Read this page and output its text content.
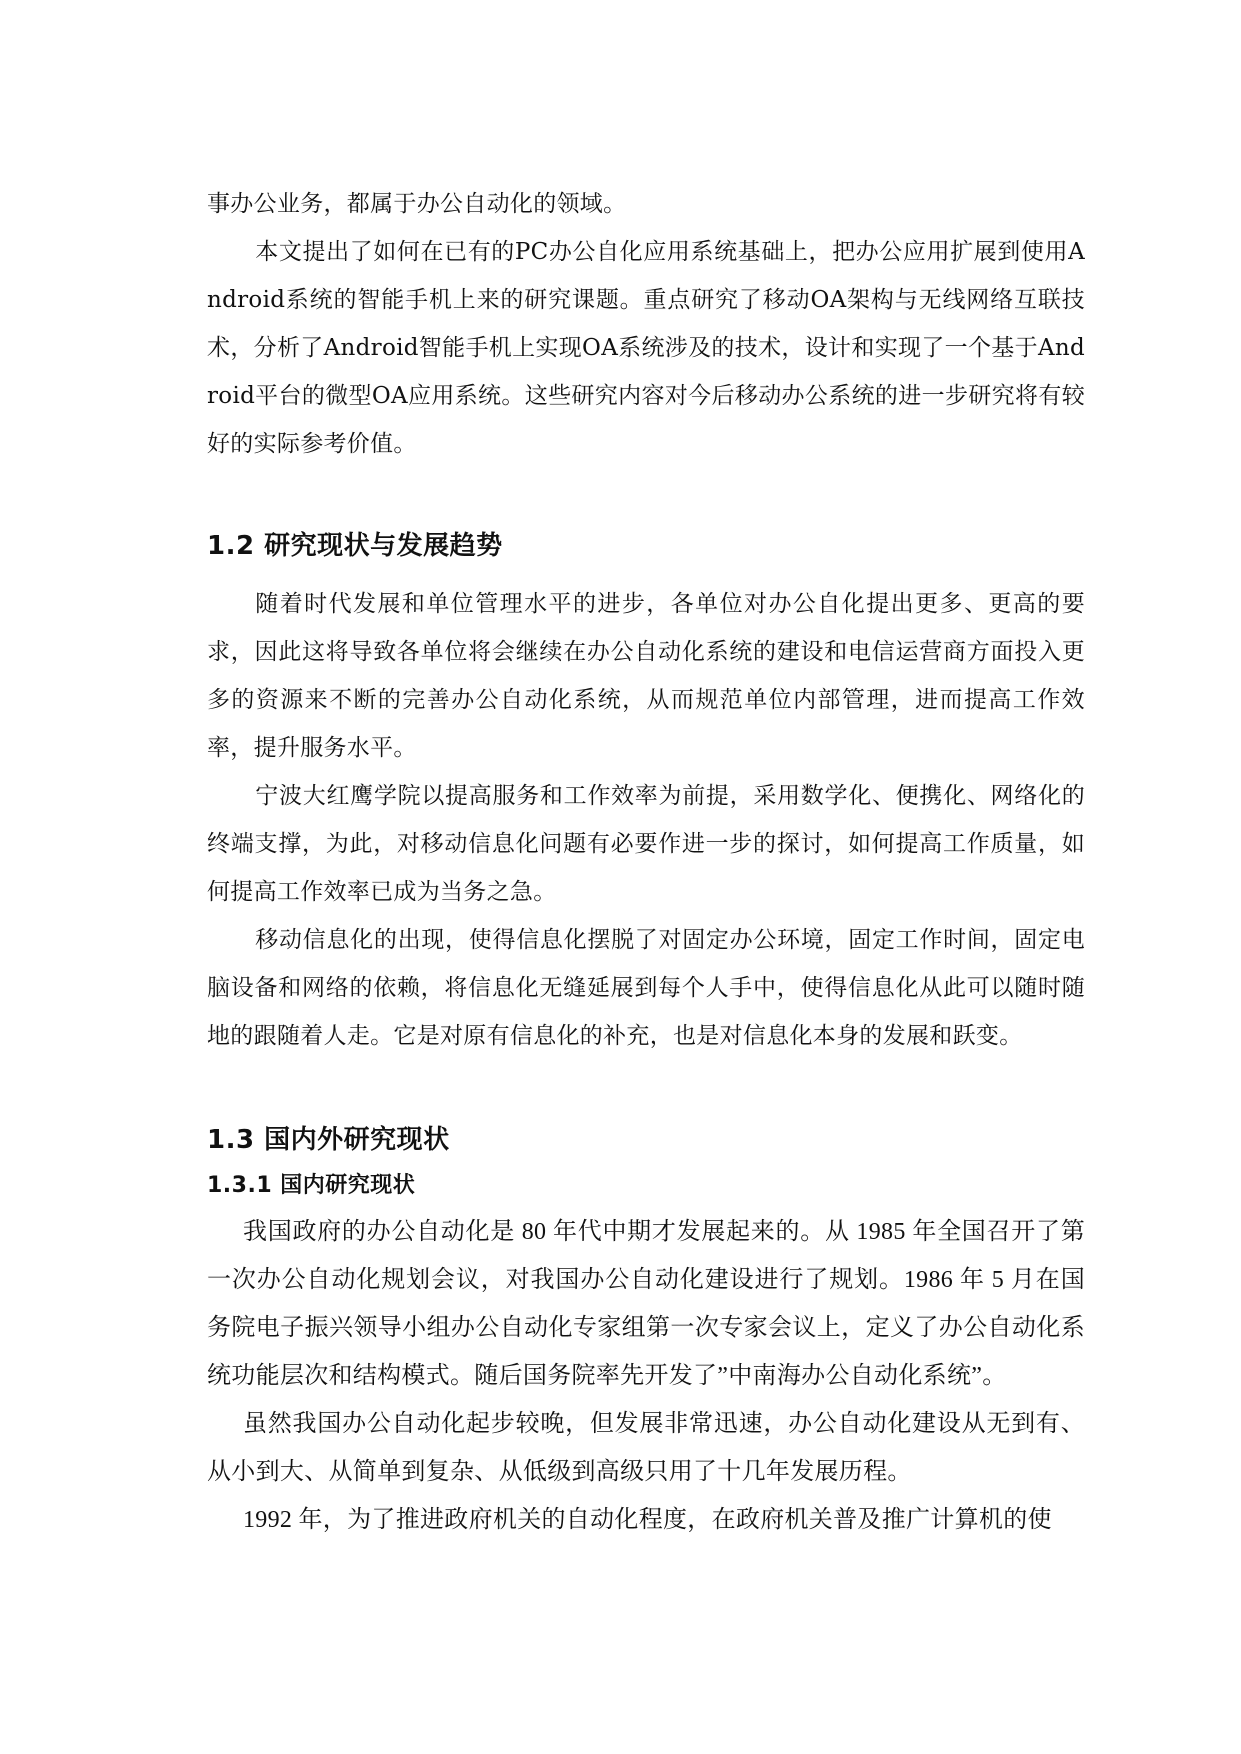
事办公业务，都属于办公自动化的领域。

本文提出了如何在已有的PC办公自化应用系统基础上，把办公应用扩展到使用Android系统的智能手机上来的研究课题。重点研究了移动OA架构与无线网络互联技术，分析了Android智能手机上实现OA系统涉及的技术，设计和实现了一个基于Android平台的微型OA应用系统。这些研究内容对今后移动办公系统的进一步研究将有较好的实际参考价值。

1.2 研究现状与发展趋势

随着时代发展和单位管理水平的进步，各单位对办公自化提出更多、更高的要求，因此这将导致各单位将会继续在办公自动化系统的建设和电信运营商方面投入更多的资源来不断的完善办公自动化系统，从而规范单位内部管理，进而提高工作效率，提升服务水平。

宁波大红鹰学院以提高服务和工作效率为前提，采用数学化、便携化、网络化的终端支撑，为此，对移动信息化问题有必要作进一步的探讨，如何提高工作质量，如何提高工作效率已成为当务之急。

移动信息化的出现，使得信息化摆脱了对固定办公环境，固定工作时间，固定电脑设备和网络的依赖，将信息化无缝延展到每个人手中，使得信息化从此可以随时随地的跟随着人走。它是对原有信息化的补充，也是对信息化本身的发展和跃变。

1.3 国内外研究现状
1.3.1 国内研究现状

我国政府的办公自动化是 80 年代中期才发展起来的。从 1985 年全国召开了第一次办公自动化规划会议，对我国办公自动化建设进行了规划。1986 年 5 月在国务院电子振兴领导小组办公自动化专家组第一次专家会议上，定义了办公自动化系统功能层次和结构模式。随后国务院率先开发了”中南海办公自动化系统”。

虽然我国办公自动化起步较晚，但发展非常迅速，办公自动化建设从无到有、从小到大、从简单到复杂、从低级到高级只用了十几年发展历程。

1992 年，为了推进政府机关的自动化程度，在政府机关普及推广计算机的使
